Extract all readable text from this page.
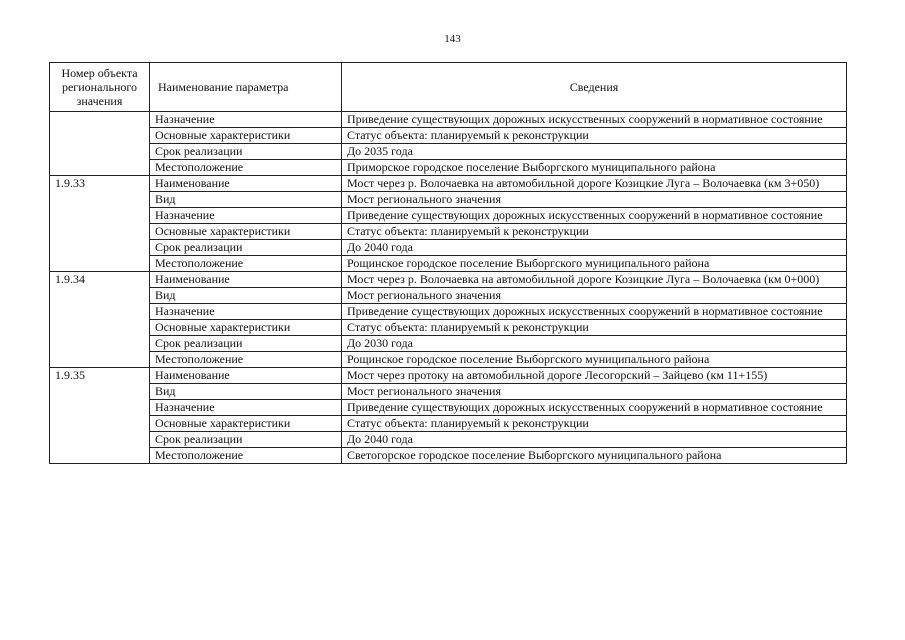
143
Номер объекта регионального значения	Наименование параметра	Сведения
	Назначение	Приведение существующих дорожных искусственных сооружений в нормативное состояние
	Основные характеристики	Статус объекта: планируемый к реконструкции
	Срок реализации	До 2035 года
	Местоположение	Приморское городское поселение Выборгского муниципального района
1.9.33	Наименование	Мост через р. Волочаевка на автомобильной дороге Козицкие Луга – Волочаевка (км 3+050)
	Вид	Мост регионального значения
	Назначение	Приведение существующих дорожных искусственных сооружений в нормативное состояние
	Основные характеристики	Статус объекта: планируемый к реконструкции
	Срок реализации	До 2040 года
	Местоположение	Рощинское городское поселение Выборгского муниципального района
1.9.34	Наименование	Мост через р. Волочаевка на автомобильной дороге Козицкие Луга – Волочаевка (км 0+000)
	Вид	Мост регионального значения
	Назначение	Приведение существующих дорожных искусственных сооружений в нормативное состояние
	Основные характеристики	Статус объекта: планируемый к реконструкции
	Срок реализации	До 2030 года
	Местоположение	Рощинское городское поселение Выборгского муниципального района
1.9.35	Наименование	Мост через протоку на автомобильной дороге Лесогорский – Зайцево (км 11+155)
	Вид	Мост регионального значения
	Назначение	Приведение существующих дорожных искусственных сооружений в нормативное состояние
	Основные характеристики	Статус объекта: планируемый к реконструкции
	Срок реализации	До 2040 года
	Местоположение	Светогорское городское поселение Выборгского муниципального района
